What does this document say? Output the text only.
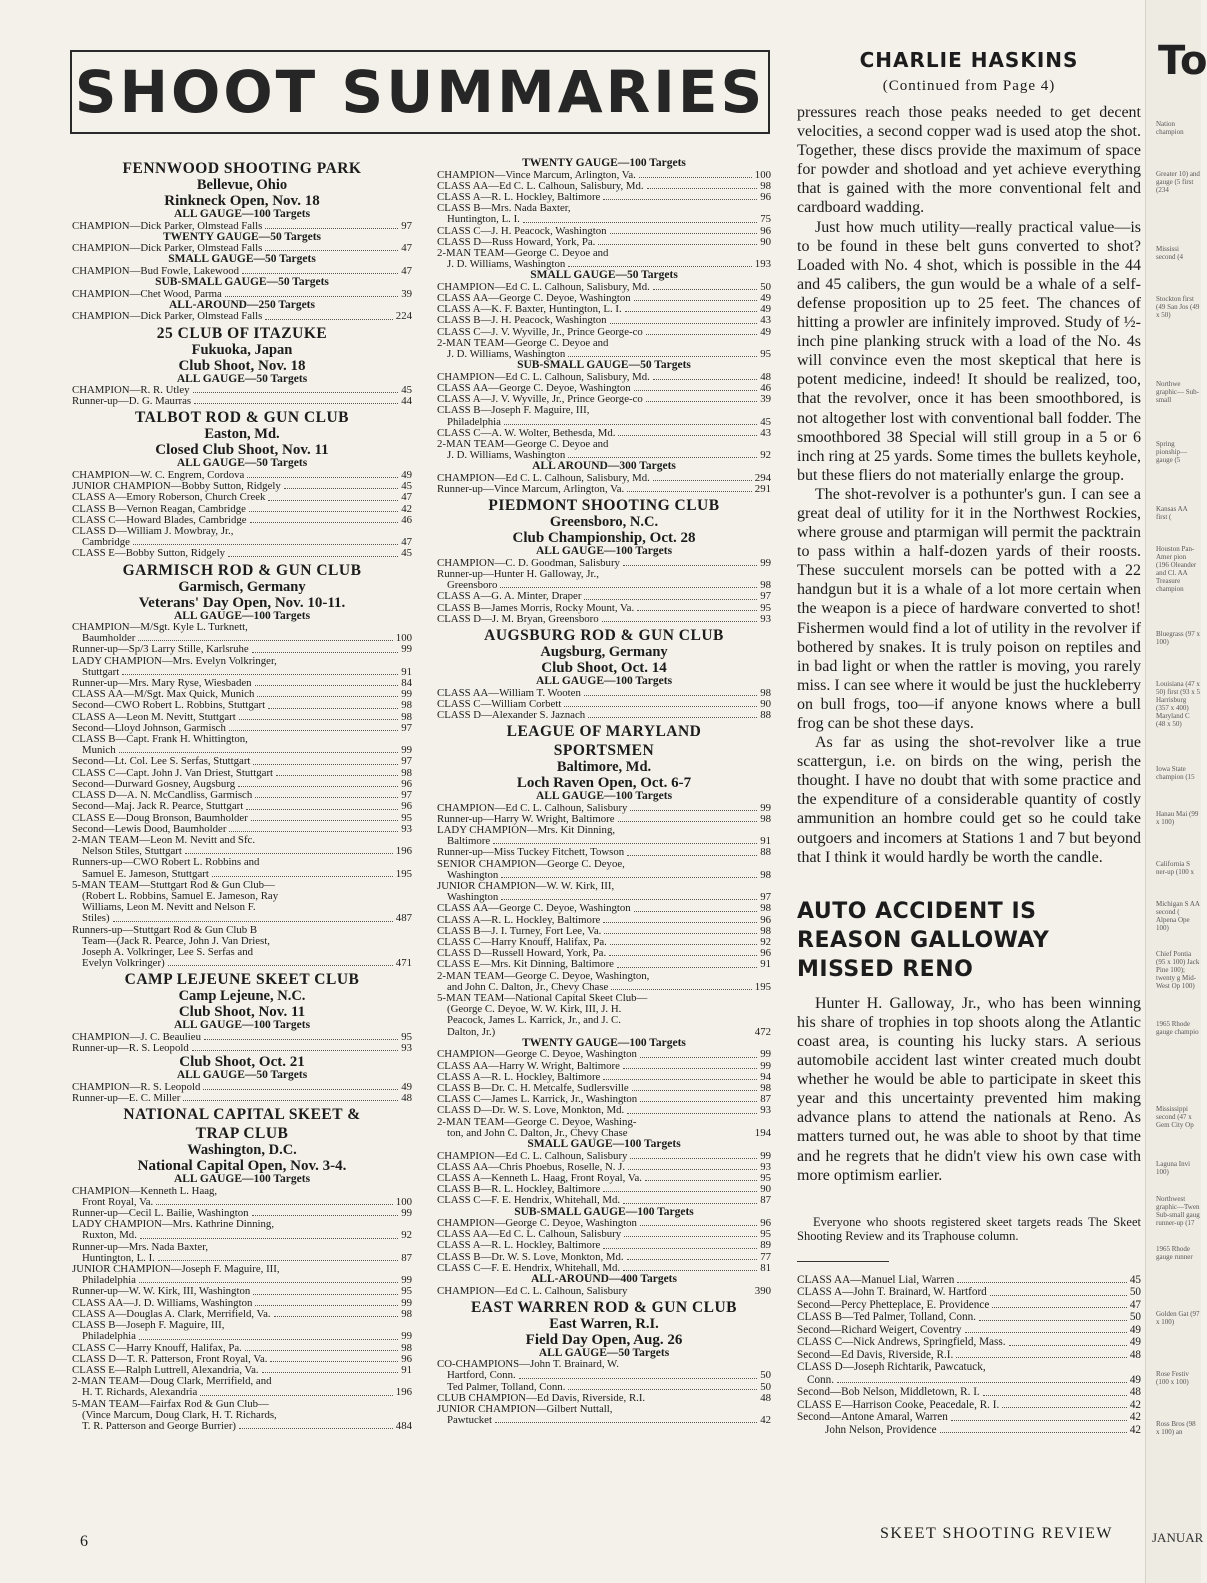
SHOOT SUMMARIES
FENNWOOD SHOOTING PARK
Bellevue, Ohio
Rinkneck Open, Nov. 18
ALL GAUGE—100 Targets
CHAMPION—Dick Parker, Olmstead Falls	97
TWENTY GAUGE—50 Targets
CHAMPION—Dick Parker, Olmstead Falls	47
SMALL GAUGE—50 Targets
CHAMPION—Bud Fowle, Lakewood	47
SUB-SMALL GAUGE—50 Targets
CHAMPION—Chet Wood, Parma	39
ALL-AROUND—250 Targets
CHAMPION—Dick Parker, Olmstead Falls	224
25 CLUB OF ITAZUKE
Fukuoka, Japan
Club Shoot, Nov. 18
ALL GAUGE—50 Targets
CHAMPION—R. R. Utley	45
Runner-up—D. G. Maurras	44
TALBOT ROD & GUN CLUB
Easton, Md.
Closed Club Shoot, Nov. 11
ALL GAUGE—50 Targets
CHAMPION—W. C. Engrem, Cordova	49
JUNIOR CHAMPION—Bobby Sutton, Ridgely	45
CLASS A—Emory Roberson, Church Creek	47
CLASS B—Vernon Reagan, Cambridge	42
CLASS C—Howard Blades, Cambridge	46
CLASS D—William J. Mowbray, Jr.,
Cambridge	47
CLASS E—Bobby Sutton, Ridgely	45
GARMISCH ROD & GUN CLUB
Garmisch, Germany
Veterans' Day Open, Nov. 10-11.
ALL GAUGE—100 Targets
CHAMPION—M/Sgt. Kyle L. Turknett,
Baumholder	100
Runner-up—Sp/3 Larry Stille, Karlsruhe	99
LADY CHAMPION—Mrs. Evelyn Volkringer,
Stuttgart	91
Runner-up—Mrs. Mary Ryse, Wiesbaden	84
CLASS AA—M/Sgt. Max Quick, Munich	99
Second—CWO Robert L. Robbins, Stuttgart	98
CLASS A—Leon M. Nevitt, Stuttgart	98
Second—Lloyd Johnson, Garmisch	97
CLASS B—Capt. Frank H. Whittington,
Munich	99
Second—Lt. Col. Lee S. Serfas, Stuttgart	97
CLASS C—Capt. John J. Van Driest, Stuttgart	98
Second—Durward Gosney, Augsburg	96
CLASS D—A. N. McCandliss, Garmisch	97
Second—Maj. Jack R. Pearce, Stuttgart	96
CLASS E—Doug Bronson, Baumholder	95
Second—Lewis Dood, Baumholder	93
2-MAN TEAM—Leon M. Nevitt and Sfc.
Nelson Stiles, Stuttgart	196
Runners-up—CWO Robert L. Robbins and
Samuel E. Jameson, Stuttgart	195
5-MAN TEAM—Stuttgart Rod & Gun Club—
(Robert L. Robbins, Samuel E. Jameson, Ray
Williams, Leon M. Nevitt and Nelson F.
Stiles)	487
Runners-up—Stuttgart Rod & Gun Club B
Team—(Jack R. Pearce, John J. Van Driest,
Joseph A. Volkringer, Lee S. Serfas and
Evelyn Volkringer)	471
CAMP LEJEUNE SKEET CLUB
Camp Lejeune, N.C.
Club Shoot, Nov. 11
ALL GAUGE—100 Targets
CHAMPION—J. C. Beaulieu	95
Runner-up—R. S. Leopold	93
Club Shoot, Oct. 21
ALL GAUGE—50 Targets
CHAMPION—R. S. Leopold	49
Runner-up—E. C. Miller	48
NATIONAL CAPITAL SKEET &
TRAP CLUB
Washington, D.C.
National Capital Open, Nov. 3-4.
ALL GAUGE—100 Targets
CHAMPION—Kenneth L. Haag,
Front Royal, Va.	100
Runner-up—Cecil L. Bailie, Washington	99
LADY CHAMPION—Mrs. Kathrine Dinning,
Ruxton, Md.	92
Runner-up—Mrs. Nada Baxter,
Huntington, L. I.	87
JUNIOR CHAMPION—Joseph F. Maguire, III,
Philadelphia	99
Runner-up—W. W. Kirk, III, Washington	95
CLASS AA—J. D. Williams, Washington	99
CLASS A—Douglas A. Clark, Merrifield, Va.	98
CLASS B—Joseph F. Maguire, III,
Philadelphia	99
CLASS C—Harry Knouff, Halifax, Pa.	98
CLASS D—T. R. Patterson, Front Royal, Va.	96
CLASS E—Ralph Luttrell, Alexandria, Va.	91
2-MAN TEAM—Doug Clark, Merrifield, and
H. T. Richards, Alexandria	196
5-MAN TEAM—Fairfax Rod & Gun Club—
(Vince Marcum, Doug Clark, H. T. Richards,
T. R. Patterson and George Burrier)	484
TWENTY GAUGE—100 Targets
CHAMPION—Vince Marcum, Arlington, Va.	100
CLASS AA—Ed C. L. Calhoun, Salisbury, Md.	98
CLASS A—R. L. Hockley, Baltimore	96
CLASS B—Mrs. Nada Baxter,
Huntington, L. I.	75
CLASS C—J. H. Peacock, Washington	96
CLASS D—Russ Howard, York, Pa.	90
2-MAN TEAM—George C. Deyoe and
J. D. Williams, Washington	193
SMALL GAUGE—50 Targets
CHAMPION—Ed C. L. Calhoun, Salisbury, Md.	50
CLASS AA—George C. Deyoe, Washington	49
CLASS A—K. F. Baxter, Huntington, L. I.	49
CLASS B—J. H. Peacock, Washington	43
CLASS C—J. V. Wyville, Jr., Prince George-co	49
2-MAN TEAM—George C. Deyoe and
J. D. Williams, Washington	95
SUB-SMALL GAUGE—50 Targets
CHAMPION—Ed C. L. Calhoun, Salisbury, Md.	48
CLASS AA—George C. Deyoe, Washington	46
CLASS A—J. V. Wyville, Jr., Prince George-co	39
CLASS B—Joseph F. Maguire, III,
Philadelphia	45
CLASS C—A. W. Wolter, Bethesda, Md.	43
2-MAN TEAM—George C. Deyoe and
J. D. Williams, Washington	92
ALL AROUND—300 Targets
CHAMPION—Ed C. L. Calhoun, Salisbury, Md.	294
Runner-up—Vince Marcum, Arlington, Va.	291
PIEDMONT SHOOTING CLUB
Greensboro, N.C.
Club Championship, Oct. 28
ALL GAUGE—100 Targets
CHAMPION—C. D. Goodman, Salisbury	99
Runner-up—Hunter H. Galloway, Jr.,
Greensboro	98
CLASS A—G. A. Minter, Draper	97
CLASS B—James Morris, Rocky Mount, Va.	95
CLASS D—J. M. Bryan, Greensboro	93
AUGSBURG ROD & GUN CLUB
Augsburg, Germany
Club Shoot, Oct. 14
ALL GAUGE—100 Targets
CLASS AA—William T. Wooten	98
CLASS C—William Corbett	90
CLASS D—Alexander S. Jaznach	88
LEAGUE OF MARYLAND
SPORTSMEN
Baltimore, Md.
Loch Raven Open, Oct. 6-7
ALL GAUGE—100 Targets
CHAMPION—Ed C. L. Calhoun, Salisbury	99
Runner-up—Harry W. Wright, Baltimore	98
LADY CHAMPION—Mrs. Kit Dinning,
Baltimore	91
Runner-up—Miss Tuckey Fitchett, Towson	88
SENIOR CHAMPION—George C. Deyoe,
Washington	98
JUNIOR CHAMPION—W. W. Kirk, III,
Washington	97
CLASS AA—George C. Deyoe, Washington	98
CLASS A—R. L. Hockley, Baltimore	96
CLASS B—J. I. Turney, Fort Lee, Va.	98
CLASS C—Harry Knouff, Halifax, Pa.	92
CLASS D—Russell Howard, York, Pa.	96
CLASS E—Mrs. Kit Dinning, Baltimore	91
2-MAN TEAM—George C. Deyoe, Washington,
and John C. Dalton, Jr., Chevy Chase	195
5-MAN TEAM—National Capital Skeet Club—
(George C. Deyoe, W. W. Kirk, III, J. H.
Peacock, James L. Karrick, Jr., and J. C.
Dalton, Jr.)	472
TWENTY GAUGE—100 Targets
CHAMPION—George C. Deyoe, Washington	99
CLASS AA—Harry W. Wright, Baltimore	99
CLASS A—R. L. Hockley, Baltimore	94
CLASS B—Dr. C. H. Metcalfe, Sudlersville	98
CLASS C—James L. Karrick, Jr., Washington	87
CLASS D—Dr. W. S. Love, Monkton, Md.	93
2-MAN TEAM—George C. Deyoe, Washing-
ton, and John C. Dalton, Jr., Chevy Chase	194
SMALL GAUGE—100 Targets
CHAMPION—Ed C. L. Calhoun, Salisbury	99
CLASS AA—Chris Phoebus, Roselle, N. J.	93
CLASS A—Kenneth L. Haag, Front Royal, Va.	95
CLASS B—R. L. Hockley, Baltimore	90
CLASS C—F. E. Hendrix, Whitehall, Md.	87
SUB-SMALL GAUGE—100 Targets
CHAMPION—George C. Deyoe, Washington	96
CLASS AA—Ed C. L. Calhoun, Salisbury	95
CLASS A—R. L. Hockley, Baltimore	89
CLASS B—Dr. W. S. Love, Monkton, Md.	77
CLASS C—F. E. Hendrix, Whitehall, Md.	81
ALL-AROUND—400 Targets
CHAMPION—Ed C. L. Calhoun, Salisbury	390
EAST WARREN ROD & GUN CLUB
East Warren, R.I.
Field Day Open, Aug. 26
ALL GAUGE—50 Targets
CO-CHAMPIONS—John T. Brainard, W.
Hartford, Conn.	50
Ted Palmer, Tolland, Conn.	50
CLUB CHAMPION—Ed Davis, Riverside, R.I.	48
JUNIOR CHAMPION—Gilbert Nuttall,
Pawtucket	42
CHARLIE HASKINS
(Continued from Page 4)

pressures reach those peaks needed to get decent velocities, a second copper wad is used atop the shot. Together, these discs provide the maximum of space for powder and shotload and yet achieve everything that is gained with the more conventional felt and cardboard wadding.

Just how much utility—really practical value—is to be found in these belt guns converted to shot? Loaded with No. 4 shot, which is possible in the 44 and 45 calibers, the gun would be a whale of a self-defense proposition up to 25 feet. The chances of hitting a prowler are infinitely improved. Study of ½-inch pine planking struck with a load of the No. 4s will convince even the most skeptical that here is potent medicine, indeed! It should be realized, too, that the revolver, once it has been smoothbored, is not altogether lost with conventional ball fodder. The smoothbored 38 Special will still group in a 5 or 6 inch ring at 25 yards. Some times the bullets keyhole, but these fliers do not materially enlarge the group.

The shot-revolver is a pothunter's gun. I can see a great deal of utility for it in the Northwest Rockies, where grouse and ptarmigan will permit the packtrain to pass within a half-dozen yards of their roosts. These succulent morsels can be potted with a 22 handgun but it is a whale of a lot more certain when the weapon is a piece of hardware converted to shot! Fishermen would find a lot of utility in the revolver if bothered by snakes. It is truly poison on reptiles and in bad light or when the rattler is moving, you rarely miss. I can see where it would be just the huckleberry on bull frogs, too—if anyone knows where a bull frog can be shot these days.

As far as using the shot-revolver like a true scattergun, i.e. on birds on the wing, perish the thought. I have no doubt that with some practice and the expenditure of a considerable quantity of costly ammunition an hombre could get so he could take outgoers and incomers at Stations 1 and 7 but beyond that I think it would hardly be worth the candle.

AUTO ACCIDENT IS REASON GALLOWAY MISSED RENO

Hunter H. Galloway, Jr., who has been winning his share of trophies in top shoots along the Atlantic coast area, is counting his lucky stars. A serious automobile accident last winter created much doubt whether he would be able to participate in skeet this year and this uncertainty prevented him making advance plans to attend the nationals at Reno. As matters turned out, he was able to shoot by that time and he regrets that he didn't view his own case with more optimism earlier.

Everyone who shoots registered skeet targets reads The Skeet Shooting Review and its Traphouse column.
CLASS AA—Manuel Lial, Warren	45
CLASS A—John T. Brainard, W. Hartford	50
Second—Percy Phetteplace, E. Providence	47
CLASS B—Ted Palmer, Tolland, Conn.	50
Second—Richard Weigert, Coventry	49
CLASS C—Nick Andrews, Springfield, Mass.	49
Second—Ed Davis, Riverside, R.I.	48
CLASS D—Joseph Richtarik, Pawcatuck,
Conn.	49
Second—Bob Nelson, Middletown, R. I.	48
CLASS E—Harrison Cooke, Peacedale, R. I.	42
Second—Antone Amaral, Warren	42
John Nelson, Providence	42
6	SKEET SHOOTING REVIEW
To
JANUAR
Nation champion
Greater 10) and gauge (5 first (234
Mississi second (4
Stockton first (49 San Jos (49 x 50)
Northwe graphic— Sub-small
Spring pionship— gauge (5
Kansas AA first (
Houston Pan-Amer pion (196 Oleander and Cl. AA Treasure champion
Bluegrass (97 x 100)
Louisiana (47 x 50) first (93 x 5 Harrisburg (357 x 400) Maryland C (48 x 50)
Iowa State champion (15
Hanau Mai (99 x 100)
California S ner-up (100 x
Michigan S AA second ( Alpena Ope 100)
Chief Pontia (95 x 100) Jack Pine 100); twenty g Mid-West Op 100)
1965 Rhode gauge champio
Mississippi second (47 x Gem City Op
Laguna Invi 100)
Northwest graphic—Twen Sub-small gaug runner-up (17
1965 Rhode gauge runner
Golden Gat (97 x 100)
Rose Festiv (100 x 100)
Ross Bros (98 x 100) an
